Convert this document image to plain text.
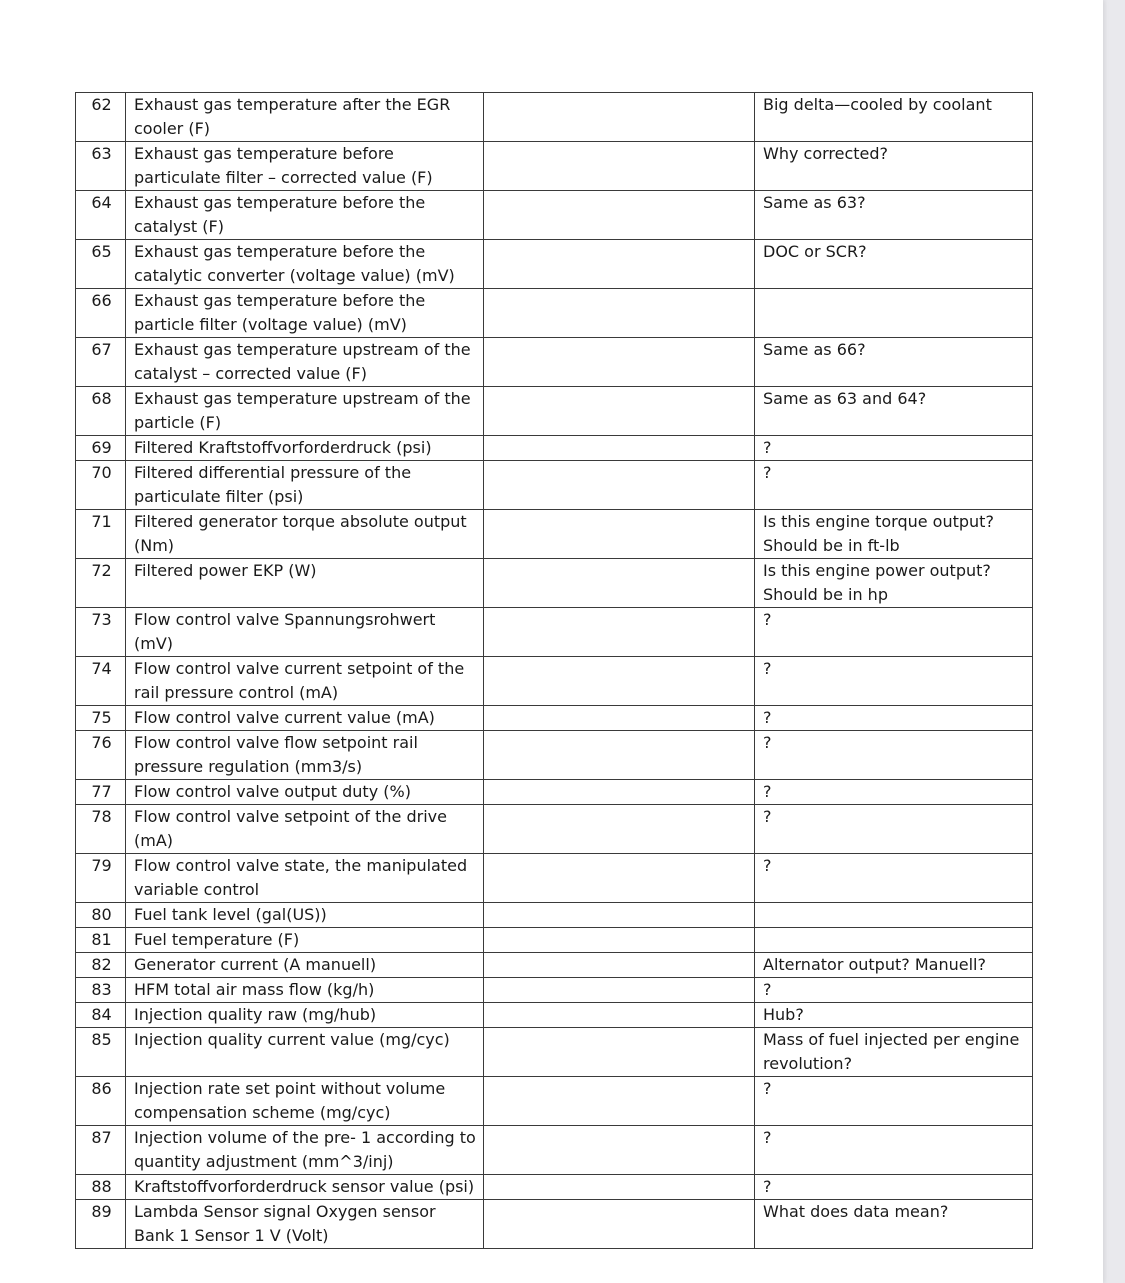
62	Exhaust gas temperature after the EGR cooler (F)		Big delta—cooled by coolant
63	Exhaust gas temperature before particulate filter – corrected value (F)		Why corrected?
64	Exhaust gas temperature before the catalyst (F)		Same as 63?
65	Exhaust gas temperature before the catalytic converter (voltage value) (mV)		DOC or SCR?
66	Exhaust gas temperature before the particle filter (voltage value) (mV)		
67	Exhaust gas temperature upstream of the catalyst – corrected value (F)		Same as 66?
68	Exhaust gas temperature upstream of the particle (F)		Same as 63 and 64?
69	Filtered Kraftstoffvorforderdruck (psi)		?
70	Filtered differential pressure of the particulate filter (psi)		?
71	Filtered generator torque absolute output (Nm)		Is this engine torque output? Should be in ft-lb
72	Filtered power EKP (W)		Is this engine power output? Should be in hp
73	Flow control valve Spannungsrohwert (mV)		?
74	Flow control valve current setpoint of the rail pressure control (mA)		?
75	Flow control valve current value (mA)		?
76	Flow control valve flow setpoint rail pressure regulation (mm3/s)		?
77	Flow control valve output duty (%)		?
78	Flow control valve setpoint of the drive (mA)		?
79	Flow control valve state, the manipulated variable control		?
80	Fuel tank level (gal(US))		
81	Fuel temperature (F)		
82	Generator current (A manuell)		Alternator output? Manuell?
83	HFM total air mass flow (kg/h)		?
84	Injection quality raw (mg/hub)		Hub?
85	Injection quality current value (mg/cyc)		Mass of fuel injected per engine revolution?
86	Injection rate set point without volume compensation scheme (mg/cyc)		?
87	Injection volume of the pre- 1 according to quantity adjustment (mm^3/inj)		?
88	Kraftstoffvorforderdruck sensor value (psi)		?
89	Lambda Sensor signal Oxygen sensor Bank 1 Sensor 1 V (Volt)		What does data mean?
